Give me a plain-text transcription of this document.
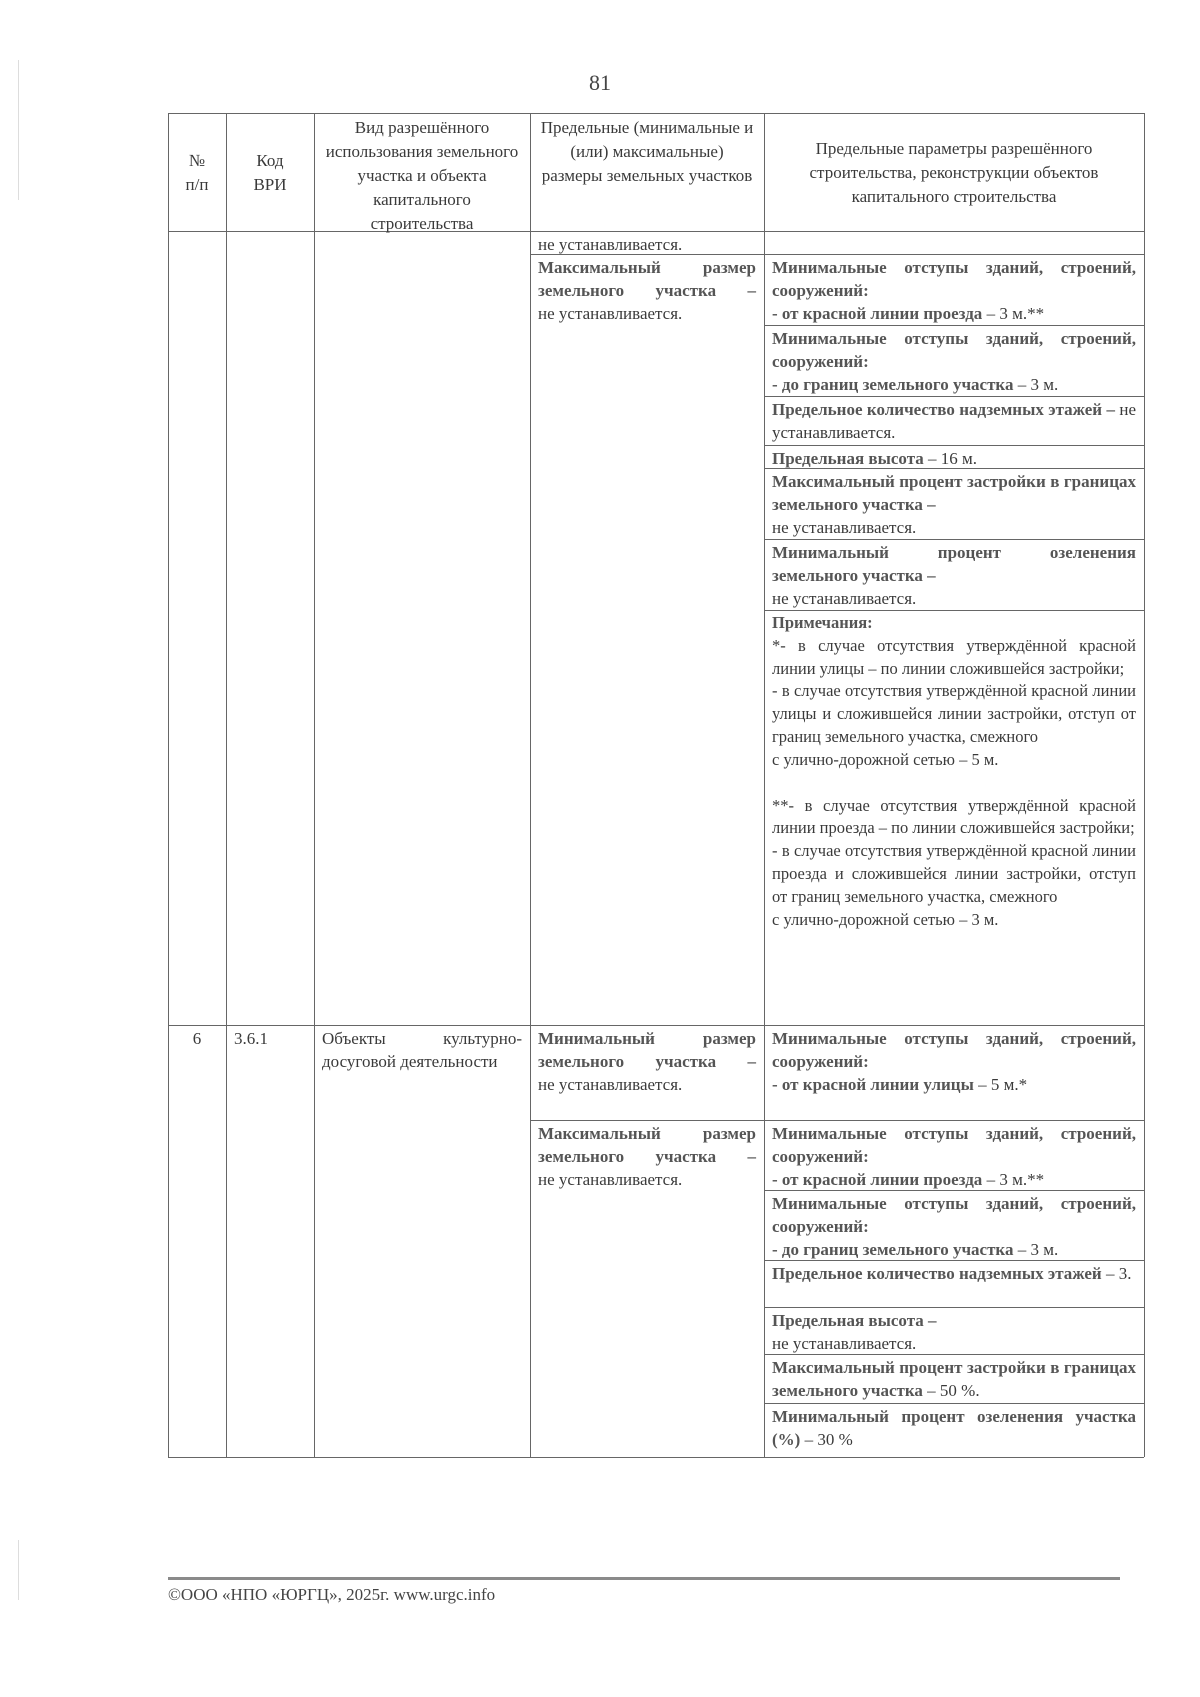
81
№
п/п
Код
ВРИ
Вид разрешённого использования земельного участка и объекта капитального строительства
Предельные (минимальные и (или) максимальные) размеры земельных участков
Предельные параметры разрешённого строительства, реконструкции объектов капитального строительства
не устанавливается.
Максимальный размер земельного участка –
не устанавливается.
Минимальные отступы зданий, строений, сооружений:
- от красной линии проезда – 3 м.**
Минимальные отступы зданий, строений, сооружений:
- до границ земельного участка – 3 м.
Предельное количество надземных этажей – не устанавливается.
Предельная высота – 16 м.
Максимальный процент застройки в границах земельного участка –
не устанавливается.
Минимальный процент озеленения земельного участка –
не устанавливается.
Примечания:
*- в случае отсутствия утверждённой красной линии улицы – по линии сложившейся застройки;
- в случае отсутствия утверждённой красной линии улицы и сложившейся линии застройки, отступ от границ земельного участка, смежного
с улично-дорожной сетью – 5 м.
**- в случае отсутствия утверждённой красной линии проезда – по линии сложившейся застройки;
- в случае отсутствия утверждённой красной линии проезда и сложившейся линии застройки, отступ от границ земельного участка, смежного
с улично-дорожной сетью – 3 м.
6	3.6.1	Объекты культурно-досуговой деятельности
Минимальный размер земельного участка –
не устанавливается.
Максимальный размер земельного участка –
не устанавливается.
Минимальные отступы зданий, строений, сооружений:
- от красной линии улицы – 5 м.*
Минимальные отступы зданий, строений, сооружений:
- от красной линии проезда – 3 м.**
Минимальные отступы зданий, строений, сооружений:
- до границ земельного участка – 3 м.
Предельное количество надземных этажей – 3.
Предельная высота –
не устанавливается.
Максимальный процент застройки в границах земельного участка – 50 %.
Минимальный процент озеленения участка (%) – 30 %
©ООО «НПО «ЮРГЦ», 2025г. www.urgc.info
